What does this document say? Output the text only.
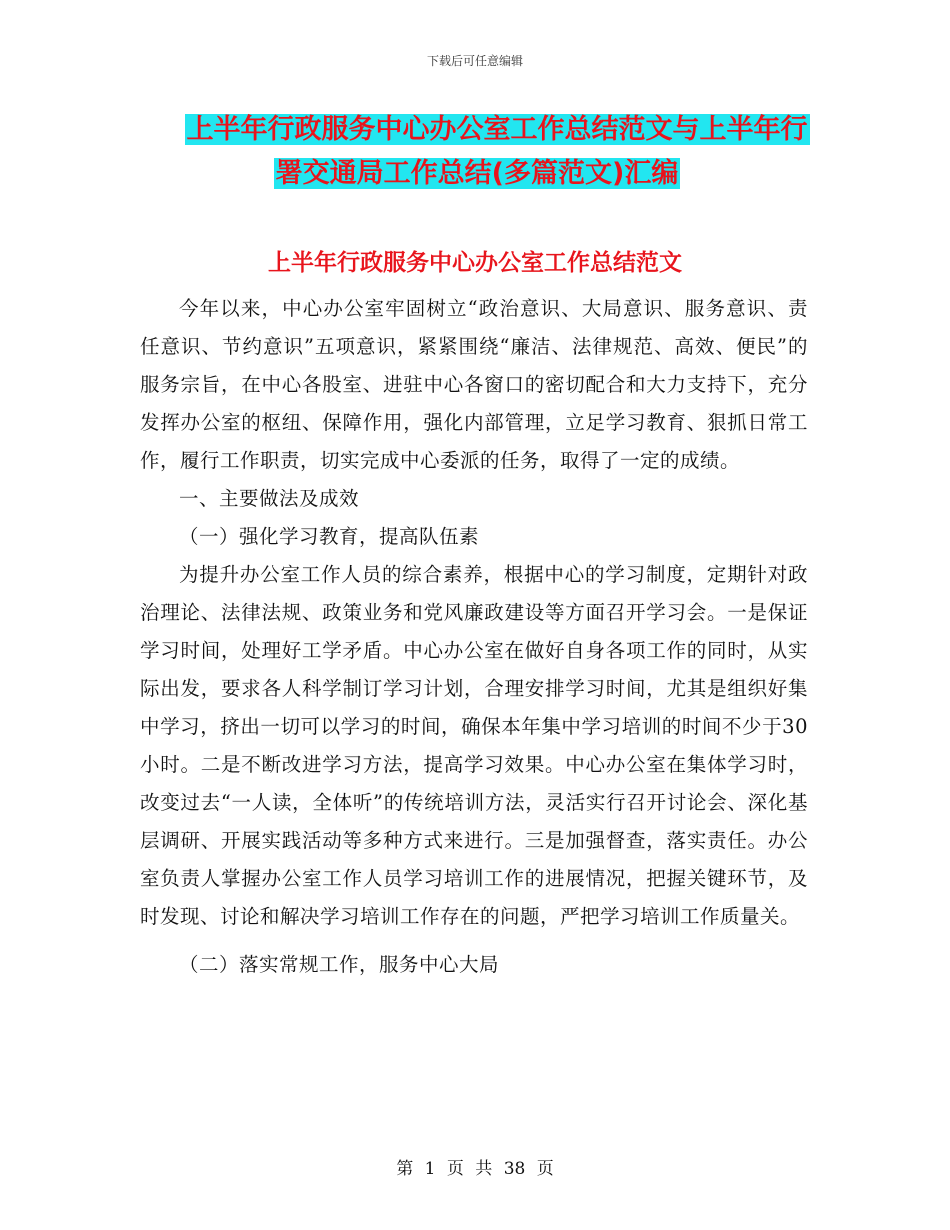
下载后可任意编辑
上半年行政服务中心办公室工作总结范文与上半年行
署交通局工作总结(多篇范文)汇编
上半年行政服务中心办公室工作总结范文

今年以来，中心办公室牢固树立“政治意识、大局意识、服务意识、责任意识、节约意识”五项意识，紧紧围绕“廉洁、法律规范、高效、便民”的服务宗旨，在中心各股室、进驻中心各窗口的密切配合和大力支持下，充分发挥办公室的枢纽、保障作用，强化内部管理，立足学习教育、狠抓日常工作，履行工作职责，切实完成中心委派的任务，取得了一定的成绩。

一、主要做法及成效

（一）强化学习教育，提高队伍素

为提升办公室工作人员的综合素养，根据中心的学习制度，定期针对政治理论、法律法规、政策业务和党风廉政建设等方面召开学习会。一是保证学习时间，处理好工学矛盾。中心办公室在做好自身各项工作的同时，从实际出发，要求各人科学制订学习计划，合理安排学习时间，尤其是组织好集中学习，挤出一切可以学习的时间，确保本年集中学习培训的时间不少于30小时。二是不断改进学习方法，提高学习效果。中心办公室在集体学习时，改变过去“一人读，全体听”的传统培训方法，灵活实行召开讨论会、深化基层调研、开展实践活动等多种方式来进行。三是加强督查，落实责任。办公室负责人掌握办公室工作人员学习培训工作的进展情况，把握关键环节，及时发现、讨论和解决学习培训工作存在的问题，严把学习培训工作质量关。

（二）落实常规工作，服务中心大局

第 1 页 共 38 页
